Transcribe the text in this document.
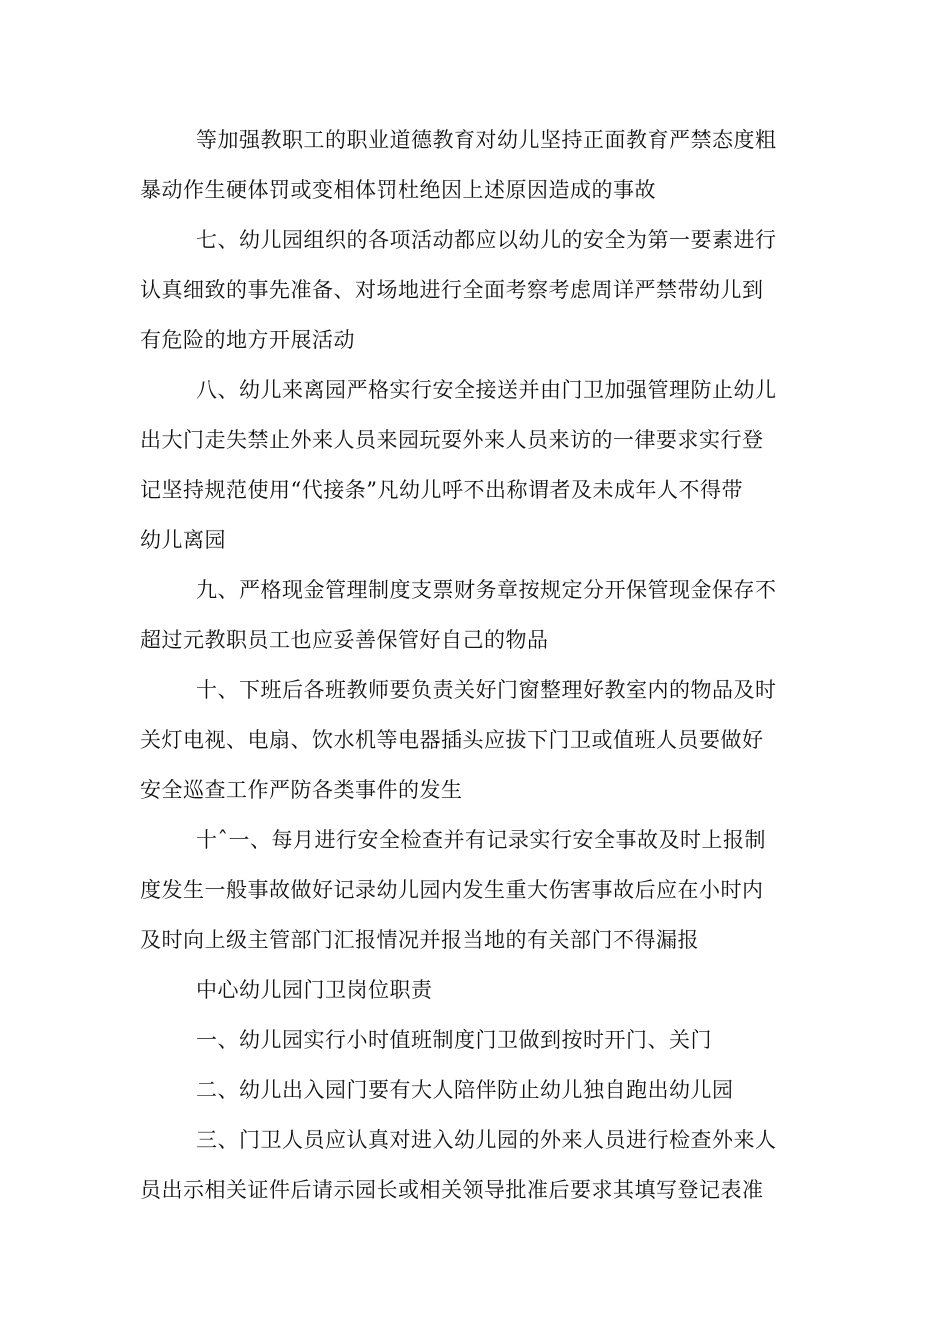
等加强教职工的职业道德教育对幼儿坚持正面教育严禁态度粗
暴动作生硬体罚或变相体罚杜绝因上述原因造成的事故
七、幼儿园组织的各项活动都应以幼儿的安全为第一要素进行
认真细致的事先准备、对场地进行全面考察考虑周详严禁带幼儿到
有危险的地方开展活动
八、幼儿来离园严格实行安全接送并由门卫加强管理防止幼儿
出大门走失禁止外来人员来园玩耍外来人员来访的一律要求实行登
记坚持规范使用“代接条”凡幼儿呼不出称谓者及未成年人不得带
幼儿离园
九、严格现金管理制度支票财务章按规定分开保管现金保存不
超过元教职员工也应妥善保管好自己的物品
十、下班后各班教师要负责关好门窗整理好教室内的物品及时
关灯电视、电扇、饮水机等电器插头应拔下门卫或值班人员要做好
安全巡查工作严防各类事件的发生
十ˆ一、每月进行安全检查并有记录实行安全事故及时上报制
度发生一般事故做好记录幼儿园内发生重大伤害事故后应在小时内
及时向上级主管部门汇报情况并报当地的有关部门不得漏报
中心幼儿园门卫岗位职责
一、幼儿园实行小时值班制度门卫做到按时开门、关门
二、幼儿出入园门要有大人陪伴防止幼儿独自跑出幼儿园
三、门卫人员应认真对进入幼儿园的外来人员进行检查外来人
员出示相关证件后请示园长或相关领导批准后要求其填写登记表准
